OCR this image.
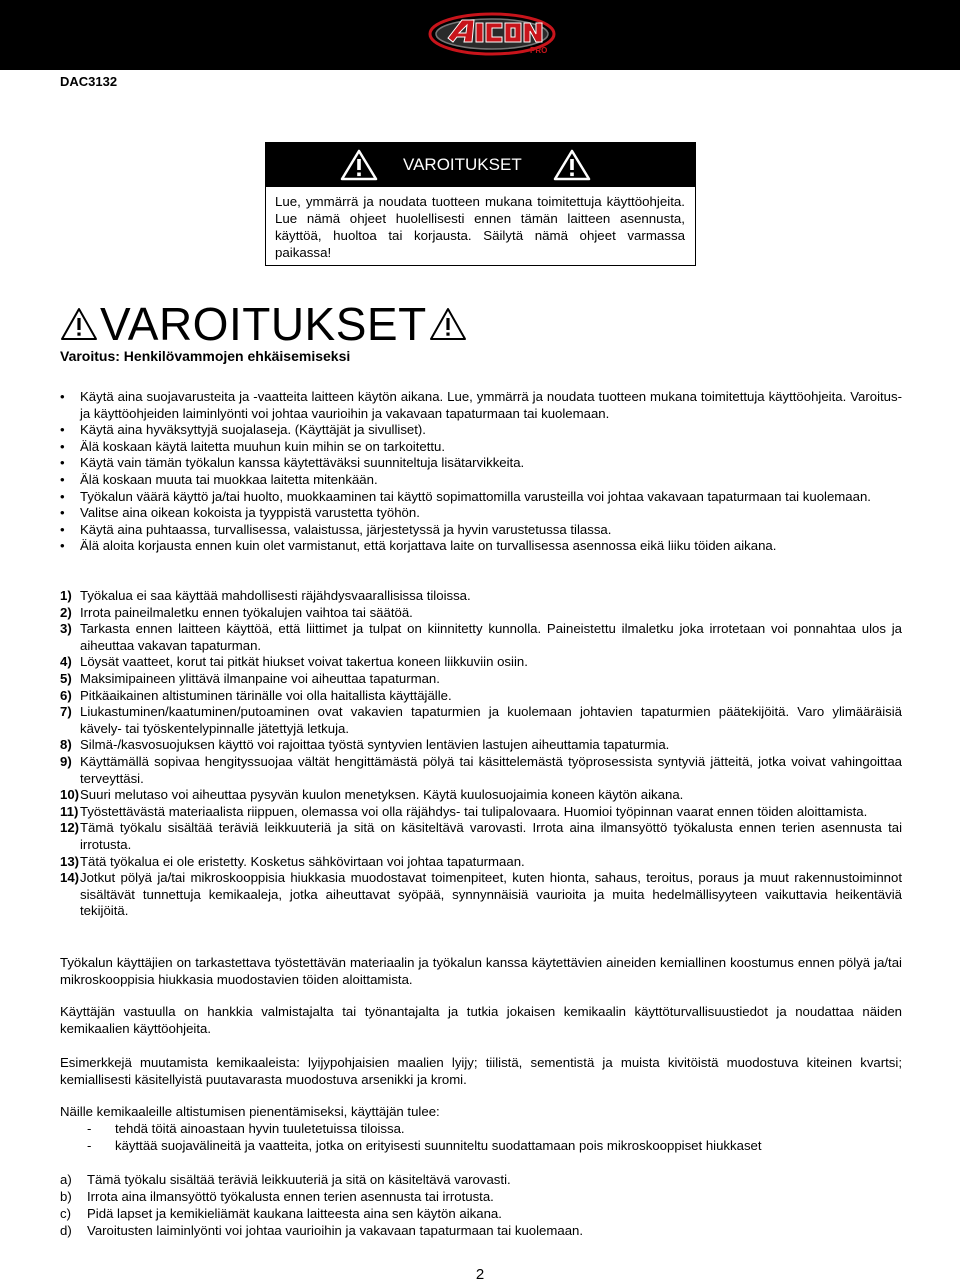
PRO
DAC3132
VAROITUKSET
Lue, ymmärrä ja noudata tuotteen mukana toimitettuja käyttöohjeita. Lue nämä ohjeet huolellisesti ennen tämän laitteen asennusta, käyttöä, huoltoa tai korjausta. Säilytä nämä ohjeet varmassa paikassa!
VAROITUKSET
Varoitus: Henkilövammojen ehkäisemiseksi
• Käytä aina suojavarusteita ja -vaatteita laitteen käytön aikana. Lue, ymmärrä ja noudata tuotteen mukana toimitettuja käyttöohjeita. Varoitus- ja käyttöohjeiden laiminlyönti voi johtaa vaurioihin ja vakavaan tapaturmaan tai kuolemaan.
• Käytä aina hyväksyttyjä suojalaseja. (Käyttäjät ja sivulliset).
• Älä koskaan käytä laitetta muuhun kuin mihin se on tarkoitettu.
• Käytä vain tämän työkalun kanssa käytettäväksi suunniteltuja lisätarvikkeita.
• Älä koskaan muuta tai muokkaa laitetta mitenkään.
• Työkalun väärä käyttö ja/tai huolto, muokkaaminen tai käyttö sopimattomilla varusteilla voi johtaa vakavaan tapaturmaan tai kuolemaan.
• Valitse aina oikean kokoista ja tyyppistä varustetta työhön.
• Käytä aina puhtaassa, turvallisessa, valaistussa, järjestetyssä ja hyvin varustetussa tilassa.
• Älä aloita korjausta ennen kuin olet varmistanut, että korjattava laite on turvallisessa asennossa eikä liiku töiden aikana.
1) Työkalua ei saa käyttää mahdollisesti räjähdysvaarallisissa tiloissa.
2) Irrota paineilmaletku ennen työkalujen vaihtoa tai säätöä.
3) Tarkasta ennen laitteen käyttöä, että liittimet ja tulpat on kiinnitetty kunnolla. Paineistettu ilmaletku joka irrotetaan voi ponnahtaa ulos ja aiheuttaa vakavan tapaturman.
4) Löysät vaatteet, korut tai pitkät hiukset voivat takertua koneen liikkuviin osiin.
5) Maksimipaineen ylittävä ilmanpaine voi aiheuttaa tapaturman.
6) Pitkäaikainen altistuminen tärinälle voi olla haitallista käyttäjälle.
7) Liukastuminen/kaatuminen/putoaminen ovat vakavien tapaturmien ja kuolemaan johtavien tapaturmien päätekijöitä. Varo ylimääräisiä kävely- tai työskentelypinnalle jätettyjä letkuja.
8) Silmä-/kasvosuojuksen käyttö voi rajoittaa työstä syntyvien lentävien lastujen aiheuttamia tapaturmia.
9) Käyttämällä sopivaa hengityssuojaa vältät hengittämästä pölyä tai käsittelemästä työprosessista syntyviä jätteitä, jotka voivat vahingoittaa terveyttäsi.
10) Suuri melutaso voi aiheuttaa pysyvän kuulon menetyksen. Käytä kuulosuojaimia koneen käytön aikana.
11) Työstettävästä materiaalista riippuen, olemassa voi olla räjähdys- tai tulipalovaara. Huomioi työpinnan vaarat ennen töiden aloittamista.
12) Tämä työkalu sisältää teräviä leikkuuteriä ja sitä on käsiteltävä varovasti. Irrota aina ilmansyöttö työkalusta ennen terien asennusta tai irrotusta.
13) Tätä työkalua ei ole eristetty. Kosketus sähkövirtaan voi johtaa tapaturmaan.
14) Jotkut pölyä ja/tai mikroskooppisia hiukkasia muodostavat toimenpiteet, kuten hionta, sahaus, teroitus, poraus ja muut rakennustoiminnot sisältävät tunnettuja kemikaaleja, jotka aiheuttavat syöpää, synnynnäisiä vaurioita ja muita hedelmällisyyteen vaikuttavia heikentäviä tekijöitä.

Työkalun käyttäjien on tarkastettava työstettävän materiaalin ja työkalun kanssa käytettävien aineiden kemiallinen koostumus ennen pölyä ja/tai mikroskooppisia hiukkasia muodostavien töiden aloittamista.

Käyttäjän vastuulla on hankkia valmistajalta tai työnantajalta ja tutkia jokaisen kemikaalin käyttöturvallisuustiedot ja noudattaa näiden kemikaalien käyttöohjeita.

Esimerkkejä muutamista kemikaaleista: lyijypohjaisien maalien lyijy; tiilistä, sementistä ja muista kivitöistä muodostuva kiteinen kvartsi; kemiallisesti käsitellyistä puutavarasta muodostuva arsenikki ja kromi.

Näille kemikaaleille altistumisen pienentämiseksi, käyttäjän tulee:

-	tehdä töitä ainoastaan hyvin tuuletetuissa tiloissa.
-	käyttää suojavälineitä ja vaatteita, jotka on erityisesti suunniteltu suodattamaan pois mikroskooppiset hiukkaset
a) Tämä työkalu sisältää teräviä leikkuuteriä ja sitä on käsiteltävä varovasti.
b) Irrota aina ilmansyöttö työkalusta ennen terien asennusta tai irrotusta.
c) Pidä lapset ja kemikieliämät kaukana laitteesta aina sen käytön aikana.
d) Varoitusten laiminlyönti voi johtaa vaurioihin ja vakavaan tapaturmaan tai kuolemaan.
2
